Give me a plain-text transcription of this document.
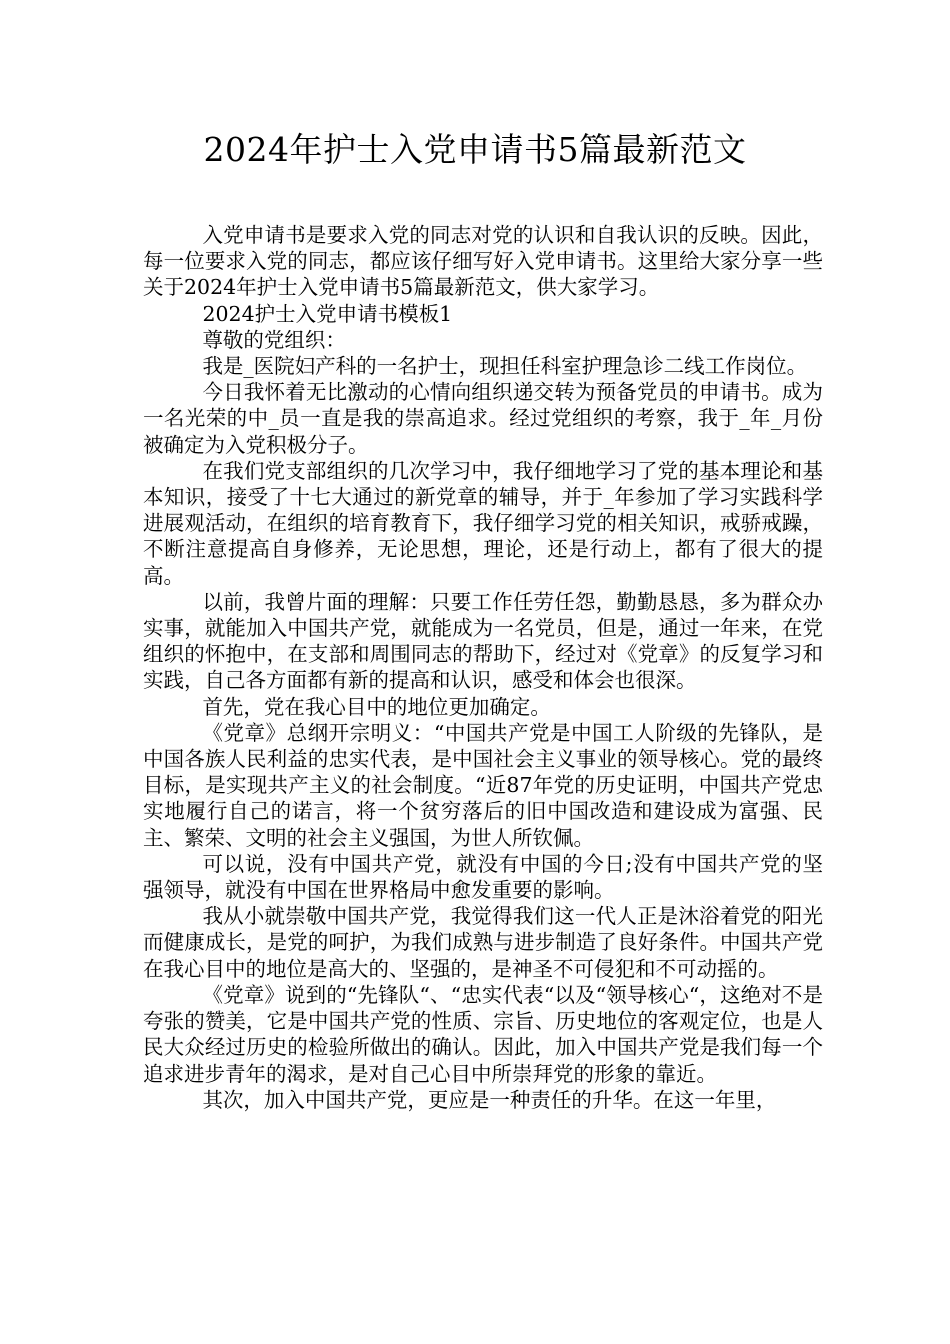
2024年护士入党申请书5篇最新范文

入党申请书是要求入党的同志对党的认识和自我认识的反映。因此，每一位要求入党的同志，都应该仔细写好入党申请书。这里给大家分享一些关于2024年护士入党申请书5篇最新范文，供大家学习。

2024护士入党申请书模板1

尊敬的党组织：

我是_医院妇产科的一名护士，现担任科室护理急诊二线工作岗位。

今日我怀着无比激动的心情向组织递交转为预备党员的申请书。成为一名光荣的中_员一直是我的崇高追求。经过党组织的考察，我于_年_月份被确定为入党积极分子。

在我们党支部组织的几次学习中，我仔细地学习了党的基本理论和基本知识，接受了十七大通过的新党章的辅导，并于_年参加了学习实践科学进展观活动，在组织的培育教育下，我仔细学习党的相关知识，戒骄戒躁，不断注意提高自身修养，无论思想，理论，还是行动上，都有了很大的提高。

以前，我曾片面的理解：只要工作任劳任怨，勤勤恳恳，多为群众办实事，就能加入中国共产党，就能成为一名党员，但是，通过一年来，在党组织的怀抱中，在支部和周围同志的帮助下，经过对《党章》的反复学习和实践，自己各方面都有新的提高和认识，感受和体会也很深。

首先，党在我心目中的地位更加确定。

《党章》总纲开宗明义：“中国共产党是中国工人阶级的先锋队，是中国各族人民利益的忠实代表，是中国社会主义事业的领导核心。党的最终目标，是实现共产主义的社会制度。“近87年党的历史证明，中国共产党忠实地履行自己的诺言，将一个贫穷落后的旧中国改造和建设成为富强、民主、繁荣、文明的社会主义强国，为世人所钦佩。

可以说，没有中国共产党，就没有中国的今日;没有中国共产党的坚强领导，就没有中国在世界格局中愈发重要的影响。

我从小就崇敬中国共产党，我觉得我们这一代人正是沐浴着党的阳光而健康成长，是党的呵护，为我们成熟与进步制造了良好条件。中国共产党在我心目中的地位是高大的、坚强的，是神圣不可侵犯和不可动摇的。

《党章》说到的“先锋队“、“忠实代表“以及“领导核心“，这绝对不是夸张的赞美，它是中国共产党的性质、宗旨、历史地位的客观定位，也是人民大众经过历史的检验所做出的确认。因此，加入中国共产党是我们每一个追求进步青年的渴求，是对自己心目中所崇拜党的形象的靠近。

其次，加入中国共产党，更应是一种责任的升华。在这一年里，
